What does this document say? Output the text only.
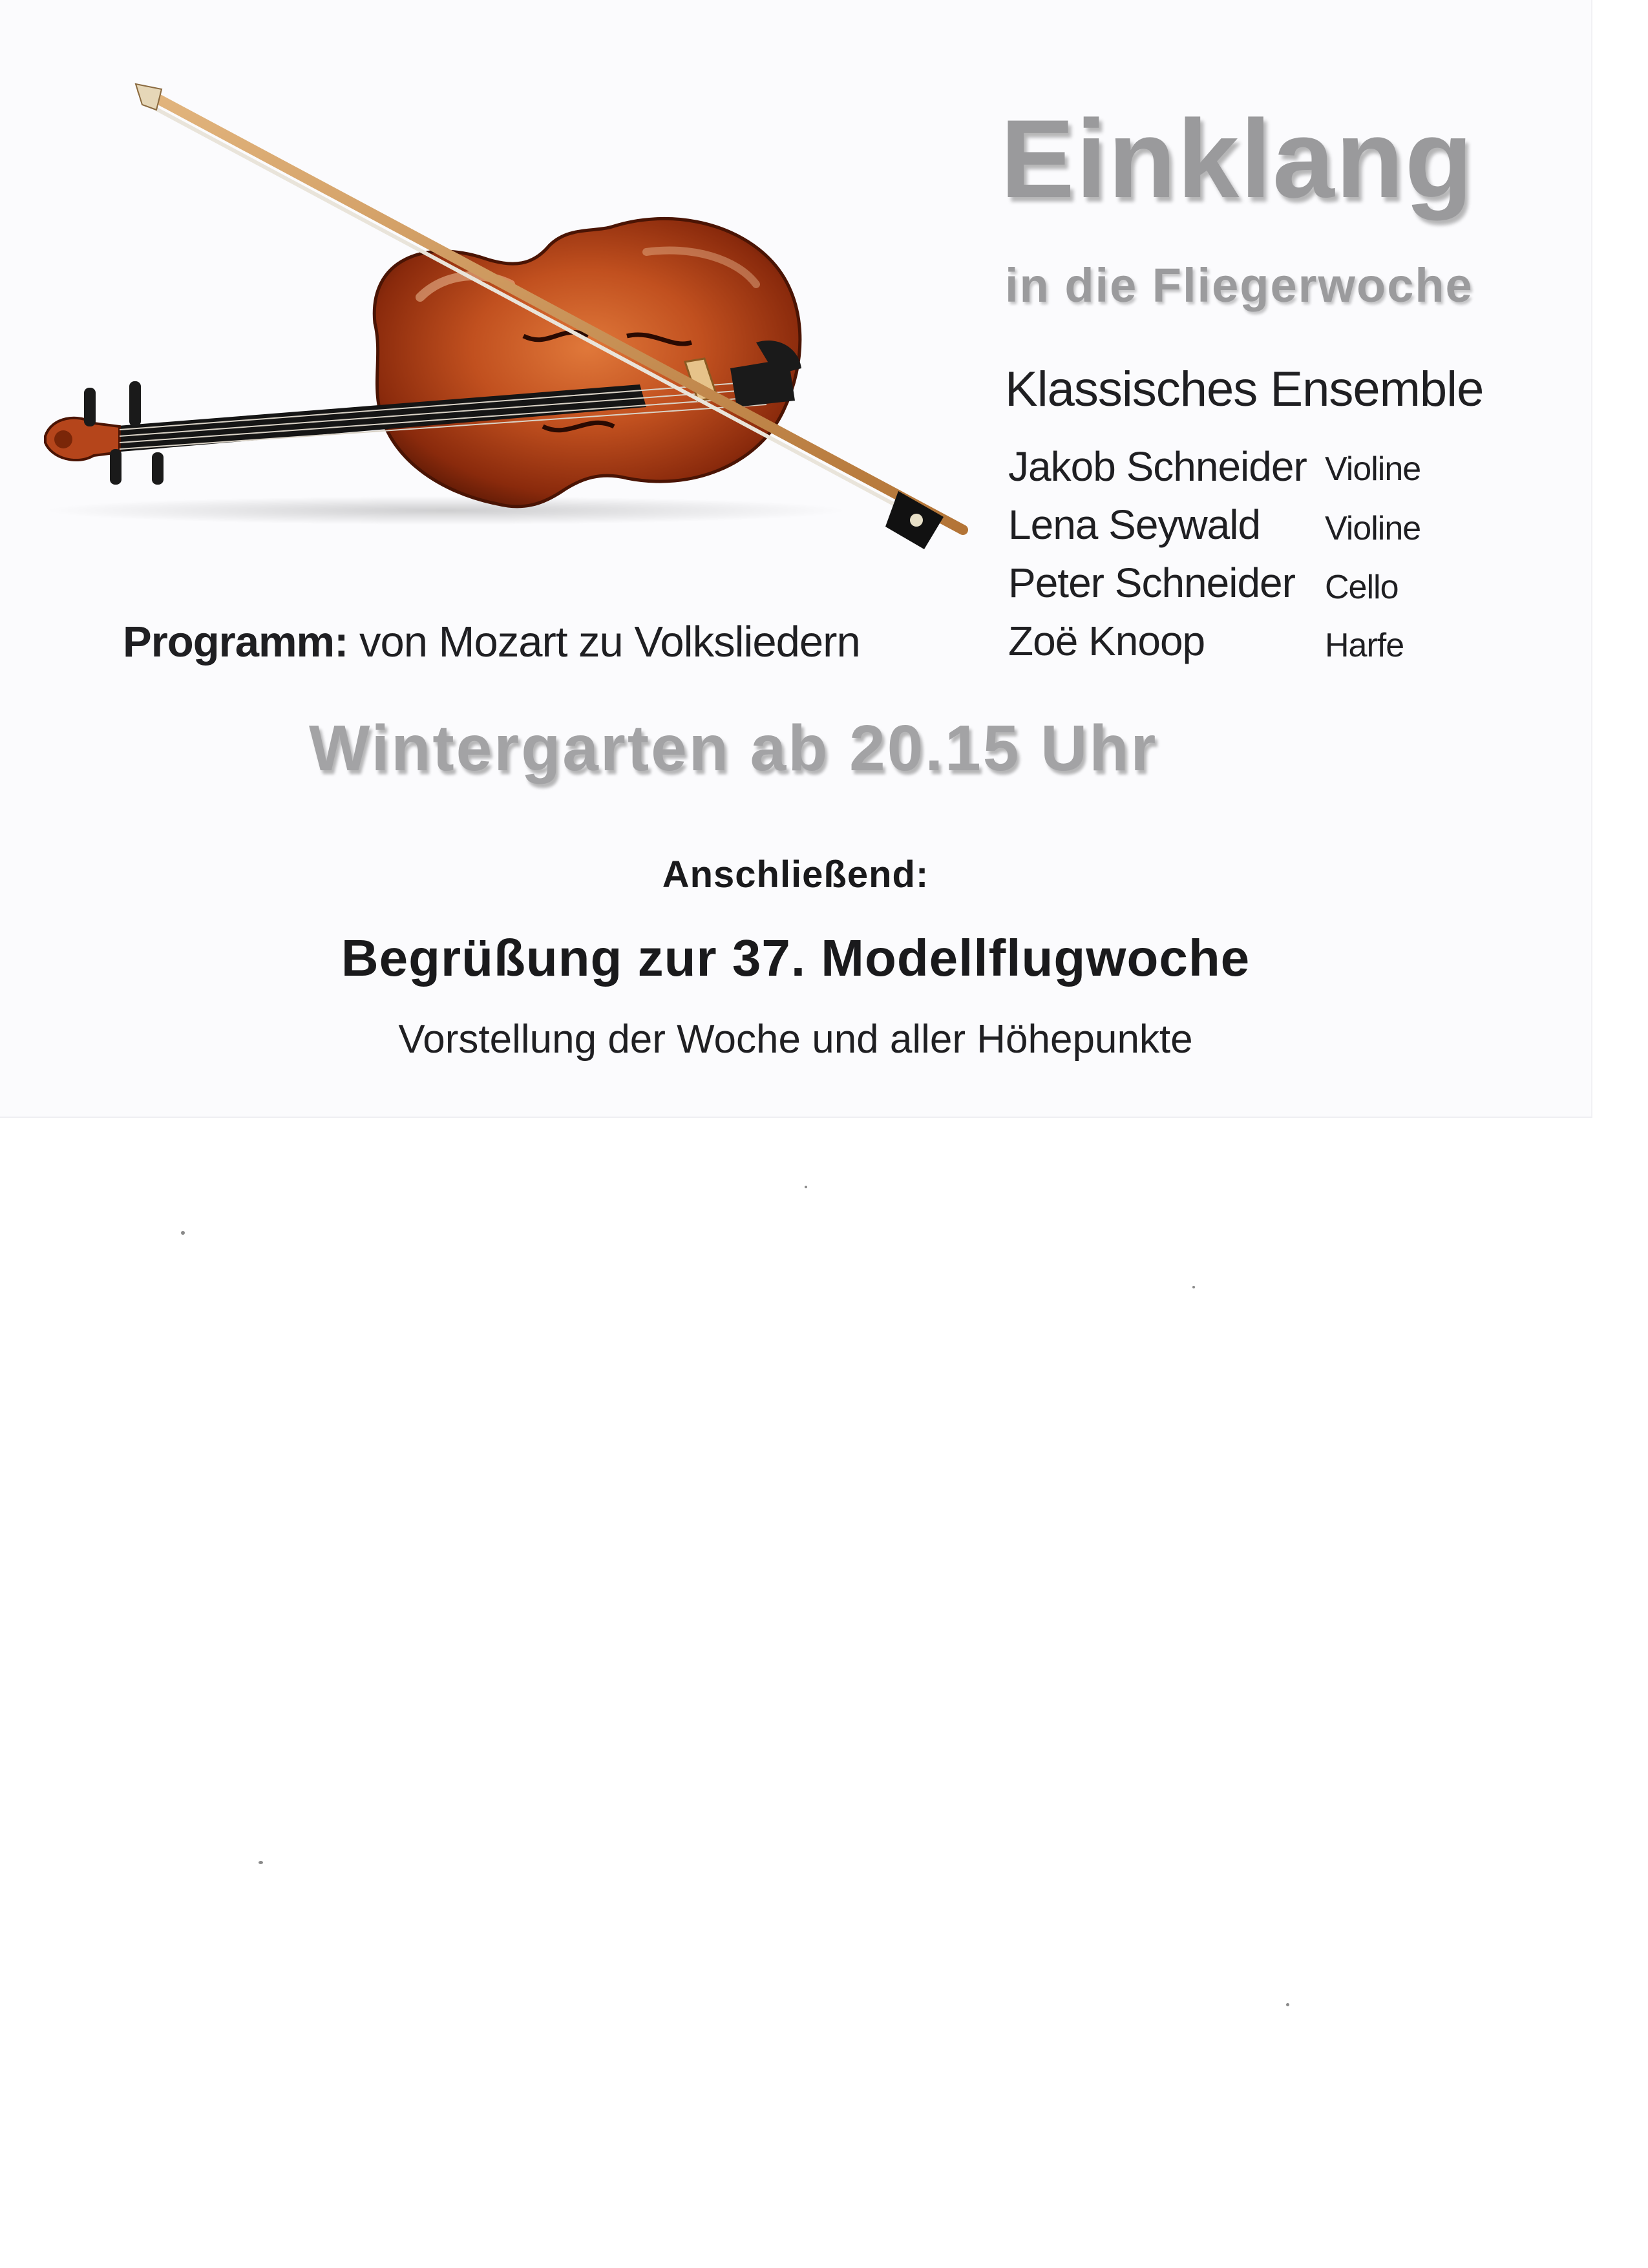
Einklang
in die Fliegerwoche
Klassisches Ensemble
Jakob Schneider Violine
Lena Seywald Violine
Peter Schneider Cello
Zoë Knoop	Harfe
Programm: von Mozart zu Volksliedern
Wintergarten ab 20.15 Uhr
Anschließend:
Begrüßung zur 37. Modellflugwoche
Vorstellung der Woche und aller Höhepunkte
